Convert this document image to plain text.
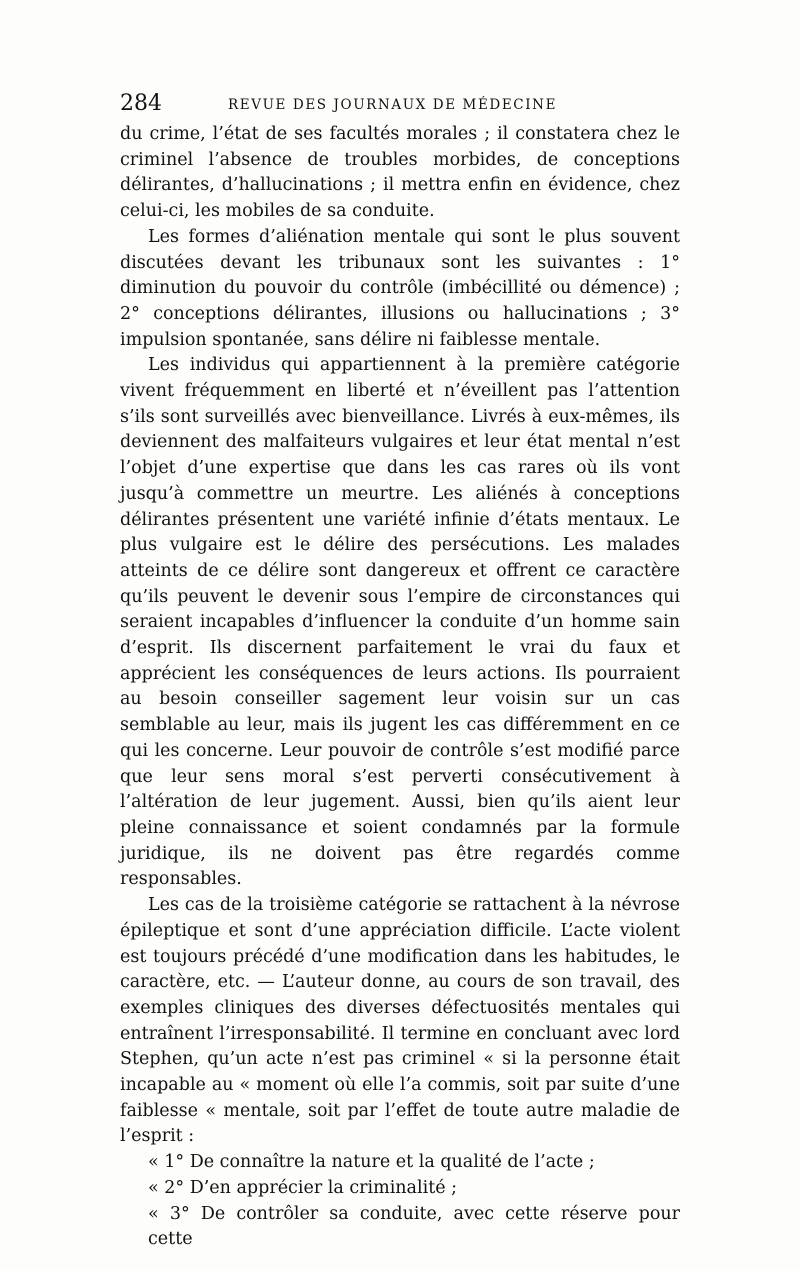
284	REVUE DES JOURNAUX DE MÉDECINE

du crime, l’état de ses facultés morales ; il constatera chez le criminel l’absence de troubles morbides, de conceptions délirantes, d’hallucinations ; il mettra enfin en évidence, chez celui-ci, les mobiles de sa conduite.

Les formes d’aliénation mentale qui sont le plus souvent discutées devant les tribunaux sont les suivantes : 1° diminution du pouvoir du contrôle (imbécillité ou démence) ; 2° conceptions délirantes, illusions ou hallucinations ; 3° impulsion spontanée, sans délire ni faiblesse mentale.

Les individus qui appartiennent à la première catégorie vivent fréquemment en liberté et n’éveillent pas l’attention s’ils sont surveillés avec bienveillance. Livrés à eux-mêmes, ils deviennent des malfaiteurs vulgaires et leur état mental n’est l’objet d’une expertise que dans les cas rares où ils vont jusqu’à commettre un meurtre. Les aliénés à conceptions délirantes présentent une variété infinie d’états mentaux. Le plus vulgaire est le délire des persécutions. Les malades atteints de ce délire sont dangereux et offrent ce caractère qu’ils peuvent le devenir sous l’empire de circonstances qui seraient incapables d’influencer la conduite d’un homme sain d’esprit. Ils discernent parfaitement le vrai du faux et apprécient les conséquences de leurs actions. Ils pourraient au besoin conseiller sagement leur voisin sur un cas semblable au leur, mais ils jugent les cas différemment en ce qui les concerne. Leur pouvoir de contrôle s’est modifié parce que leur sens moral s’est perverti consécutivement à l’altération de leur jugement. Aussi, bien qu’ils aient leur pleine connaissance et soient condamnés par la formule juridique, ils ne doivent pas être regardés comme responsables.

Les cas de la troisième catégorie se rattachent à la névrose épileptique et sont d’une appréciation difficile. L’acte violent est toujours précédé d’une modification dans les habitudes, le caractère, etc. — L’auteur donne, au cours de son travail, des exemples cliniques des diverses défectuosités mentales qui entraînent l’irresponsabilité. Il termine en concluant avec lord Stephen, qu’un acte n’est pas criminel « si la personne était incapable au « moment où elle l’a commis, soit par suite d’une faiblesse « mentale, soit par l’effet de toute autre maladie de l’esprit :

« 1° De connaître la nature et la qualité de l’acte ;

« 2° D’en apprécier la criminalité ;

« 3° De contrôler sa conduite, avec cette réserve pour cette
